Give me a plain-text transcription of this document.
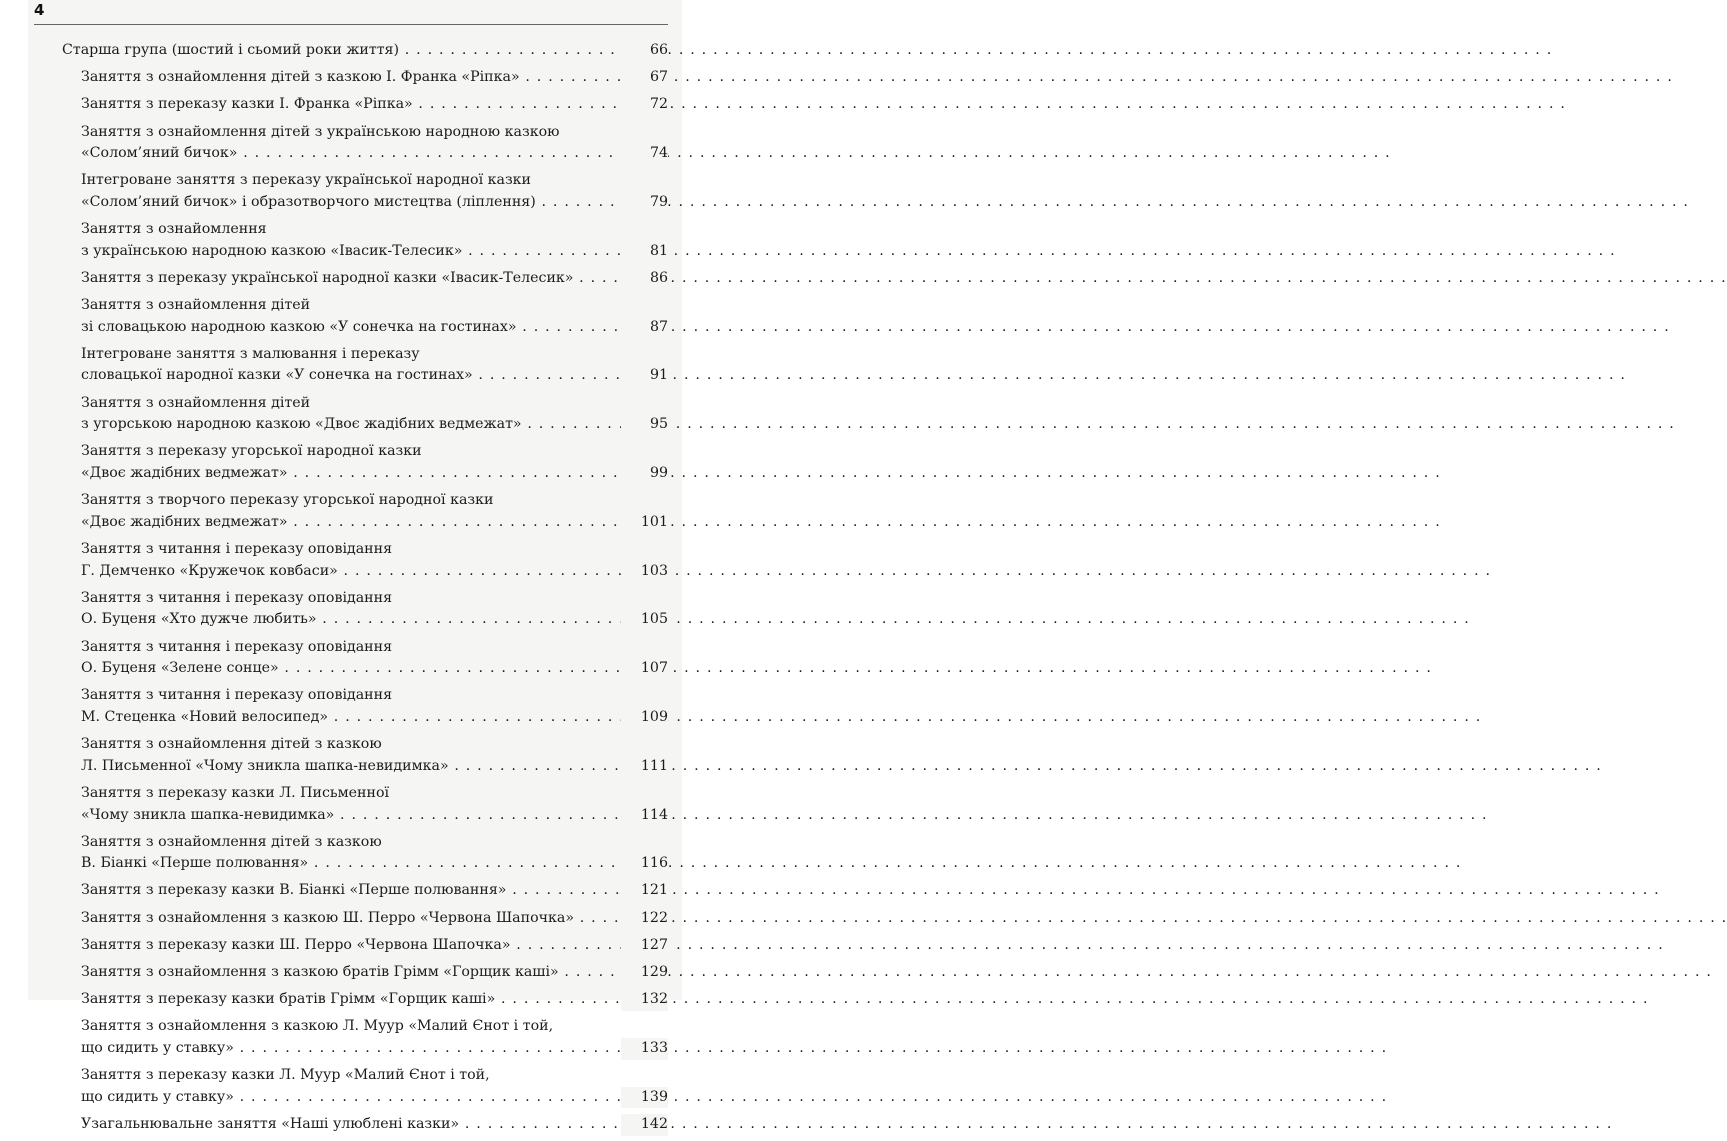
4
Старша група (шостий і сьомий роки життя) . . .	66
Заняття з ознайомлення дітей з казкою І. Франка «Ріпка» . . .	67
Заняття з переказу казки І. Франка «Ріпка» . . .	72
Заняття з ознайомлення дітей з українською народною казкою
«Солом’яний бичок» . . .	74
Інтегроване заняття з переказу української народної казки
«Солом’яний бичок» і образотворчого мистецтва (ліплення) . . .	79
Заняття з ознайомлення
з українською народною казкою «Івасик-Телесик» . . .	81
Заняття з переказу української народної казки «Івасик-Телесик» . . .	86
Заняття з ознайомлення дітей
зі словацькою народною казкою «У сонечка на гостинах» . . .	87
Інтегроване заняття з малювання і переказу
словацької народної казки «У сонечка на гостинах» . . .	91
Заняття з ознайомлення дітей
з угорською народною казкою «Двоє жадібних ведмежат» . . .	95
Заняття з переказу угорської народної казки
«Двоє жадібних ведмежат» . . .	99
Заняття з творчого переказу угорської народної казки
«Двоє жадібних ведмежат» . . .	101
Заняття з читання і переказу оповідання
Г. Демченко «Кружечок ковбаси» . . .	103
Заняття з читання і переказу оповідання
О. Буценя «Хто дужче любить» . . .	105
Заняття з читання і переказу оповідання
О. Буценя «Зелене сонце» . . .	107
Заняття з читання і переказу оповідання
М. Стеценка «Новий велосипед» . . .	109
Заняття з ознайомлення дітей з казкою
Л. Письменної «Чому зникла шапка-невидимка» . . .	111
Заняття з переказу казки Л. Письменної
«Чому зникла шапка-невидимка» . . .	114
Заняття з ознайомлення дітей з казкою
В. Біанкі «Перше полювання» . . .	116
Заняття з переказу казки В. Біанкі «Перше полювання» . . .	121
Заняття з ознайомлення з казкою Ш. Перро «Червона Шапочка» . . .	122
Заняття з переказу казки Ш. Перро «Червона Шапочка» . . .	127
Заняття з ознайомлення з казкою братів Грімм «Горщик каші» . . .	129
Заняття з переказу казки братів Грімм «Горщик каші» . . .	132
Заняття з ознайомлення з казкою Л. Муур «Малий Єнот і той,
що сидить у ставку» . . .	133
Заняття з переказу казки Л. Муур «Малий Єнот і той,
що сидить у ставку» . . .	139
Узагальнювальне заняття «Наші улюблені казки» . . .	142
